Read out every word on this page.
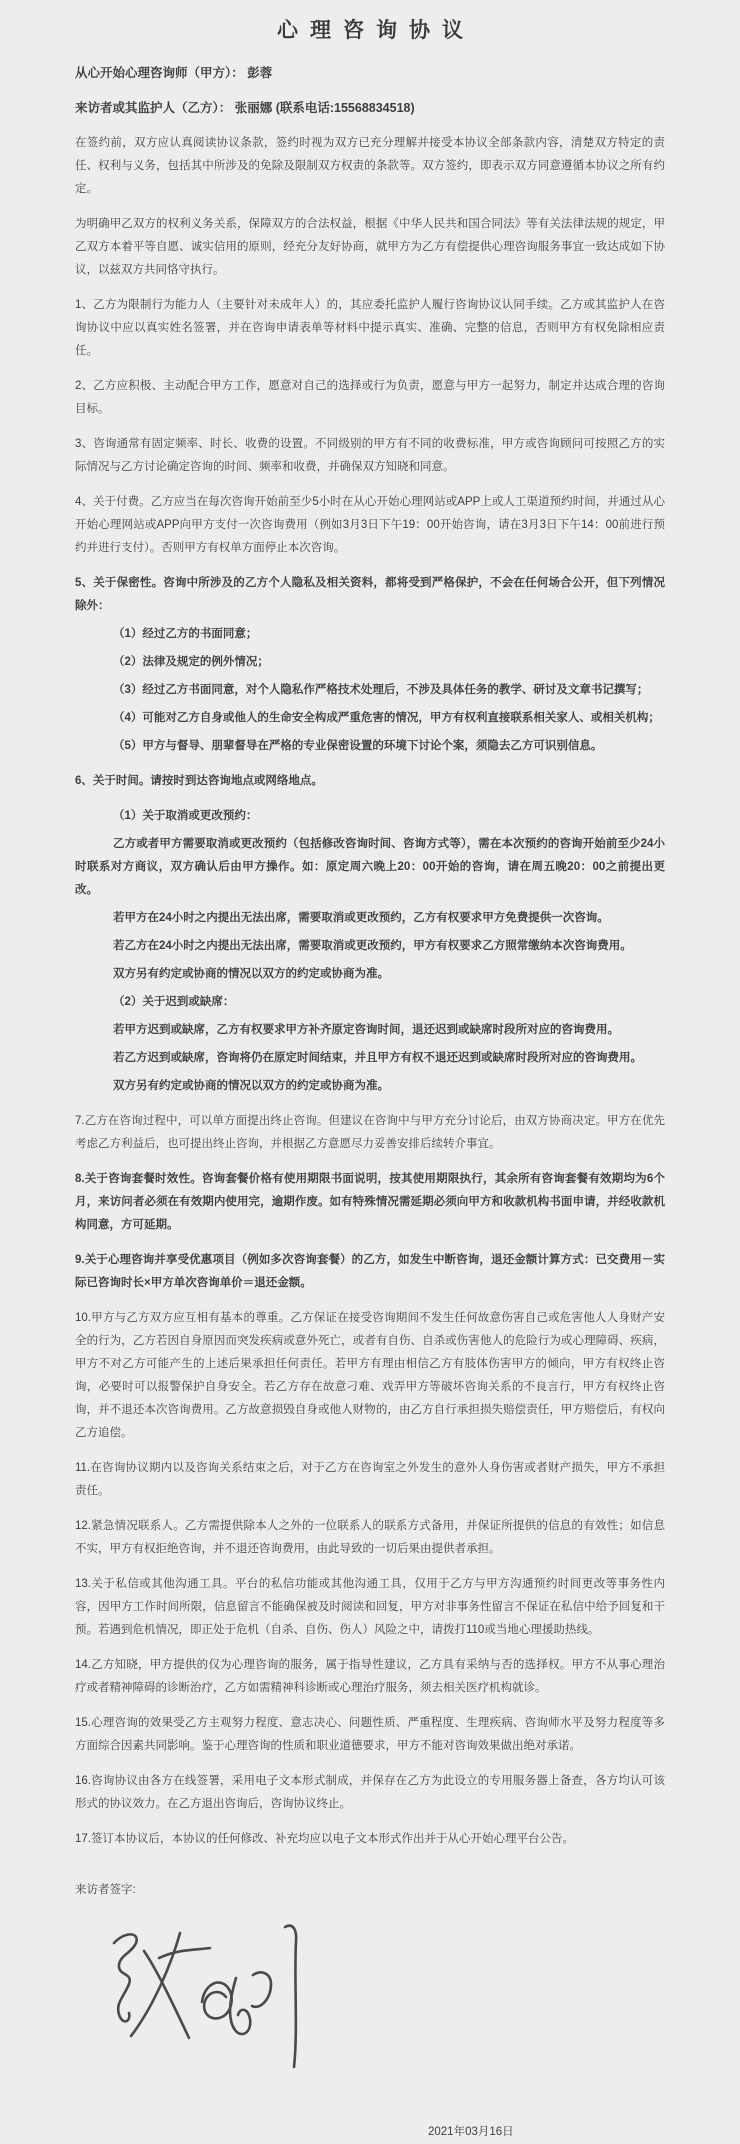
心理咨询协议

从心开始心理咨询师（甲方）： 彭蓉

来访者或其监护人（乙方）： 张丽娜 (联系电话:15568834518)

在签约前，双方应认真阅读协议条款，签约时视为双方已充分理解并接受本协议全部条款内容，清楚双方特定的责任、权利与义务，包括其中所涉及的免除及限制双方权责的条款等。双方签约，即表示双方同意遵循本协议之所有约定。

为明确甲乙双方的权利义务关系，保障双方的合法权益，根据《中华人民共和国合同法》等有关法律法规的规定，甲乙双方本着平等自愿、诚实信用的原则，经充分友好协商，就甲方为乙方有偿提供心理咨询服务事宜一致达成如下协议，以兹双方共同恪守执行。

1、乙方为限制行为能力人（主要针对未成年人）的，其应委托监护人履行咨询协议认同手续。乙方或其监护人在咨询协议中应以真实姓名签署，并在咨询申请表单等材料中提示真实、准确、完整的信息，否则甲方有权免除相应责任。

2、乙方应积极、主动配合甲方工作，愿意对自己的选择或行为负责，愿意与甲方一起努力，制定并达成合理的咨询目标。

3、咨询通常有固定频率、时长、收费的设置。不同级别的甲方有不同的收费标准，甲方或咨询顾问可按照乙方的实际情况与乙方讨论确定咨询的时间、频率和收费，并确保双方知晓和同意。

4、关于付费。乙方应当在每次咨询开始前至少5小时在从心开始心理网站或APP上或人工渠道预约时间，并通过从心开始心理网站或APP向甲方支付一次咨询费用（例如3月3日下午19：00开始咨询，请在3月3日下午14：00前进行预约并进行支付）。否则甲方有权单方面停止本次咨询。

5、关于保密性。咨询中所涉及的乙方个人隐私及相关资料，都将受到严格保护，不会在任何场合公开，但下列情况除外：

（1）经过乙方的书面同意；

（2）法律及规定的例外情况；

（3）经过乙方书面同意，对个人隐私作严格技术处理后，不涉及具体任务的教学、研讨及文章书记撰写；

（4）可能对乙方自身或他人的生命安全构成严重危害的情况，甲方有权利直接联系相关家人、或相关机构；

（5）甲方与督导、朋辈督导在严格的专业保密设置的环境下讨论个案，须隐去乙方可识别信息。

6、关于时间。请按时到达咨询地点或网络地点。

（1）关于取消或更改预约：

乙方或者甲方需要取消或更改预约（包括修改咨询时间、咨询方式等），需在本次预约的咨询开始前至少24小时联系对方商议，双方确认后由甲方操作。如：原定周六晚上20：00开始的咨询，请在周五晚20：00之前提出更改。

若甲方在24小时之内提出无法出席，需要取消或更改预约，乙方有权要求甲方免费提供一次咨询。

若乙方在24小时之内提出无法出席，需要取消或更改预约，甲方有权要求乙方照常缴纳本次咨询费用。

双方另有约定或协商的情况以双方的约定或协商为准。

（2）关于迟到或缺席：

若甲方迟到或缺席，乙方有权要求甲方补齐原定咨询时间，退还迟到或缺席时段所对应的咨询费用。

若乙方迟到或缺席，咨询将仍在原定时间结束，并且甲方有权不退还迟到或缺席时段所对应的咨询费用。

双方另有约定或协商的情况以双方的约定或协商为准。

7.乙方在咨询过程中，可以单方面提出终止咨询。但建议在咨询中与甲方充分讨论后，由双方协商决定。甲方在优先考虑乙方利益后，也可提出终止咨询，并根据乙方意愿尽力妥善安排后续转介事宜。

8.关于咨询套餐时效性。咨询套餐价格有使用期限书面说明，按其使用期限执行，其余所有咨询套餐有效期均为6个月，来访问者必须在有效期内使用完，逾期作废。如有特殊情况需延期必须向甲方和收款机构书面申请，并经收款机构同意，方可延期。

9.关于心理咨询并享受优惠项目（例如多次咨询套餐）的乙方，如发生中断咨询，退还金额计算方式：已交费用－实际已咨询时长×甲方单次咨询单价＝退还金额。

10.甲方与乙方双方应互相有基本的尊重。乙方保证在接受咨询期间不发生任何故意伤害自己或危害他人人身财产安全的行为，乙方若因自身原因而突发疾病或意外死亡，或者有自伤、自杀或伤害他人的危险行为或心理障碍、疾病，甲方不对乙方可能产生的上述后果承担任何责任。若甲方有理由相信乙方有肢体伤害甲方的倾向，甲方有权终止咨询，必要时可以报警保护自身安全。若乙方存在故意刁难、戏弄甲方等破坏咨询关系的不良言行，甲方有权终止咨询，并不退还本次咨询费用。乙方故意损毁自身或他人财物的，由乙方自行承担损失赔偿责任，甲方赔偿后，有权向乙方追偿。

11.在咨询协议期内以及咨询关系结束之后，对于乙方在咨询室之外发生的意外人身伤害或者财产损失，甲方不承担责任。

12.紧急情况联系人。乙方需提供除本人之外的一位联系人的联系方式备用，并保证所提供的信息的有效性；如信息不实，甲方有权拒绝咨询，并不退还咨询费用，由此导致的一切后果由提供者承担。

13.关于私信或其他沟通工具。平台的私信功能或其他沟通工具，仅用于乙方与甲方沟通预约时间更改等事务性内容，因甲方工作时间所限，信息留言不能确保被及时阅读和回复，甲方对非事务性留言不保证在私信中给予回复和干预。若遇到危机情况，即正处于危机（自杀、自伤、伤人）风险之中，请拨打110或当地心理援助热线。

14.乙方知晓，甲方提供的仅为心理咨询的服务，属于指导性建议，乙方具有采纳与否的选择权。甲方不从事心理治疗或者精神障碍的诊断治疗，乙方如需精神科诊断或心理治疗服务，须去相关医疗机构就诊。

15.心理咨询的效果受乙方主观努力程度、意志决心、问题性质、严重程度、生理疾病、咨询师水平及努力程度等多方面综合因素共同影响。鉴于心理咨询的性质和职业道德要求，甲方不能对咨询效果做出绝对承诺。

16.咨询协议由各方在线签署，采用电子文本形式制成，并保存在乙方为此设立的专用服务器上备查，各方均认可该形式的协议效力。在乙方退出咨询后，咨询协议终止。

17.签订本协议后，本协议的任何修改、补充均应以电子文本形式作出并于从心开始心理平台公告。

来访者签字:

2021年03月16日
